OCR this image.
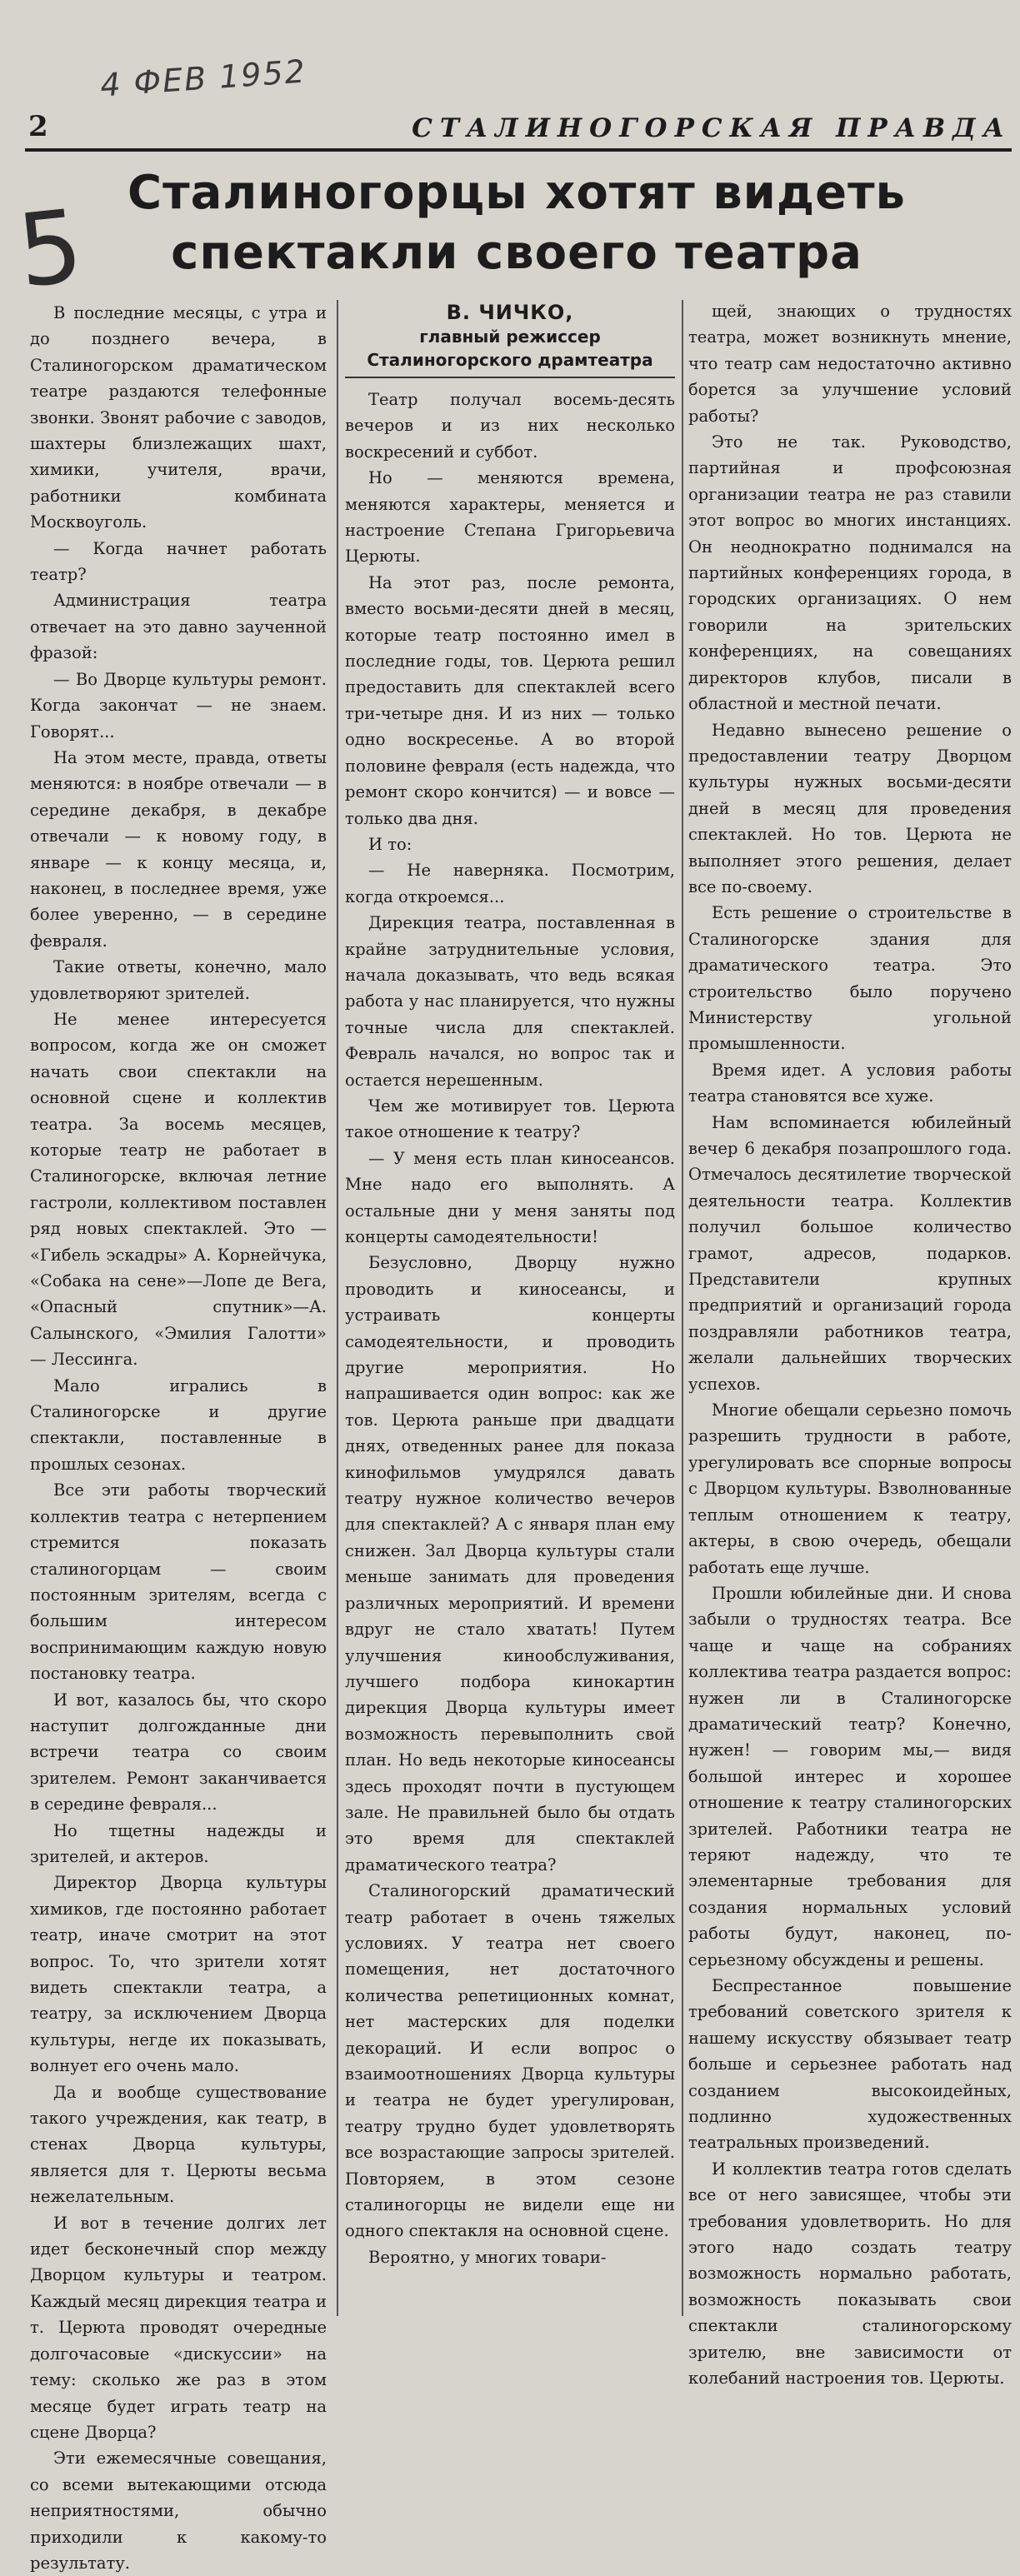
4 ФЕВ 1952
2	СТАЛИНОГОРСКАЯ ПРАВДА
5 Сталиногорцы хотят видеть
спектакли своего театра

В последние месяцы, с утра и до позднего вечера, в Сталиногорском драматическом театре раздаются телефонные звонки. Звонят рабочие с заводов, шахтеры близлежащих шахт, химики, учителя, врачи, работники комбината Москвоуголь.

— Когда начнет работать театр?

Администрация театра отвечает на это давно заученной фразой:

— Во Дворце культуры ремонт. Когда закончат — не знаем. Говорят...

На этом месте, правда, ответы меняются: в ноябре отвечали — в середине декабря, в декабре отвечали — к новому году, в январе — к концу месяца, и, наконец, в последнее время, уже более уверенно, — в середине февраля.

Такие ответы, конечно, мало удовлетворяют зрителей.

Не менее интересуется вопросом, когда же он сможет начать свои спектакли на основной сцене и коллектив театра. За восемь месяцев, которые театр не работает в Сталиногорске, включая летние гастроли, коллективом поставлен ряд новых спектаклей. Это — «Гибель эскадры» А. Корнейчука, «Собака на сене»—Лопе де Вега, «Опасный спутник»—А. Салынского, «Эмилия Галотти» — Лессинга.

Мало игрались в Сталиногорске и другие спектакли, поставленные в прошлых сезонах.

Все эти работы творческий коллектив театра с нетерпением стремится показать сталиногорцам — своим постоянным зрителям, всегда с большим интересом воспринимающим каждую новую постановку театра.

И вот, казалось бы, что скоро наступит долгожданные дни встречи театра со своим зрителем. Ремонт заканчивается в середине февраля...

Но тщетны надежды и зрителей, и актеров.

Директор Дворца культуры химиков, где постоянно работает театр, иначе смотрит на этот вопрос. То, что зрители хотят видеть спектакли театра, а театру, за исключением Дворца культуры, негде их показывать, волнует его очень мало.

Да и вообще существование такого учреждения, как театр, в стенах Дворца культуры, является для т. Церюты весьма нежелательным.

И вот в течение долгих лет идет бесконечный спор между Дворцом культуры и театром. Каждый месяц дирекция театра и т. Церюта проводят очередные долгочасовые «дискуссии» на тему: сколько же раз в этом месяце будет играть театр на сцене Дворца?

Эти ежемесячные совещания, со всеми вытекающими отсюда неприятностями, обычно приходили к какому-то результату.

В. ЧИЧКО,
главный режиссер
Сталиногорского драмтеатра

Театр получал восемь-десять вечеров и из них несколько воскресений и суббот.

Но — меняются времена, меняются характеры, меняется и настроение Степана Григорьевича Церюты.

На этот раз, после ремонта, вместо восьми-десяти дней в месяц, которые театр постоянно имел в последние годы, тов. Церюта решил предоставить для спектаклей всего три-четыре дня. И из них — только одно воскресенье. А во второй половине февраля (есть надежда, что ремонт скоро кончится) — и вовсе — только два дня.

И то:

— Не наверняка. Посмотрим, когда откроемся...

Дирекция театра, поставленная в крайне затруднительные условия, начала доказывать, что ведь всякая работа у нас планируется, что нужны точные числа для спектаклей. Февраль начался, но вопрос так и остается нерешенным.

Чем же мотивирует тов. Церюта такое отношение к театру?

— У меня есть план киносеансов. Мне надо его выполнять. А остальные дни у меня заняты под концерты самодеятельности!

Безусловно, Дворцу нужно проводить и киносеансы, и устраивать концерты самодеятельности, и проводить другие мероприятия. Но напрашивается один вопрос: как же тов. Церюта раньше при двадцати днях, отведенных ранее для показа кинофильмов умудрялся давать театру нужное количество вечеров для спектаклей? А с января план ему снижен. Зал Дворца культуры стали меньше занимать для проведения различных мероприятий. И времени вдруг не стало хватать! Путем улучшения кинообслуживания, лучшего подбора кинокартин дирекция Дворца культуры имеет возможность перевыполнить свой план. Но ведь некоторые киносеансы здесь проходят почти в пустующем зале. Не правильней было бы отдать это время для спектаклей драматического театра?

Сталиногорский драматический театр работает в очень тяжелых условиях. У театра нет своего помещения, нет достаточного количества репетиционных комнат, нет мастерских для поделки декораций. И если вопрос о взаимоотношениях Дворца культуры и театра не будет урегулирован, театру трудно будет удовлетворять все возрастающие запросы зрителей. Повторяем, в этом сезоне сталиногорцы не видели еще ни одного спектакля на основной сцене.

Вероятно, у многих товари-

щей, знающих о трудностях театра, может возникнуть мнение, что театр сам недостаточно активно борется за улучшение условий работы?

Это не так. Руководство, партийная и профсоюзная организации театра не раз ставили этот вопрос во многих инстанциях. Он неоднократно поднимался на партийных конференциях города, в городских организациях. О нем говорили на зрительских конференциях, на совещаниях директоров клубов, писали в областной и местной печати.

Недавно вынесено решение о предоставлении театру Дворцом культуры нужных восьми-десяти дней в месяц для проведения спектаклей. Но тов. Церюта не выполняет этого решения, делает все по-своему.

Есть решение о строительстве в Сталиногорске здания для драматического театра. Это строительство было поручено Министерству угольной промышленности.

Время идет. А условия работы театра становятся все хуже.

Нам вспоминается юбилейный вечер 6 декабря позапрошлого года. Отмечалось десятилетие творческой деятельности театра. Коллектив получил большое количество грамот, адресов, подарков. Представители крупных предприятий и организаций города поздравляли работников театра, желали дальнейших творческих успехов.

Многие обещали серьезно помочь разрешить трудности в работе, урегулировать все спорные вопросы с Дворцом культуры. Взволнованные теплым отношением к театру, актеры, в свою очередь, обещали работать еще лучше.

Прошли юбилейные дни. И снова забыли о трудностях театра. Все чаще и чаще на собраниях коллектива театра раздается вопрос: нужен ли в Сталиногорске драматический театр? Конечно, нужен! — говорим мы,— видя большой интерес и хорошее отношение к театру сталиногорских зрителей. Работники театра не теряют надежду, что те элементарные требования для создания нормальных условий работы будут, наконец, по-серьезному обсуждены и решены.

Беспрестанное повышение требований советского зрителя к нашему искусству обязывает театр больше и серьезнее работать над созданием высокоидейных, подлинно художественных театральных произведений.

И коллектив театра готов сделать все от него зависящее, чтобы эти требования удовлетворить. Но для этого надо создать театру возможность нормально работать, возможность показывать свои спектакли сталиногорскому зрителю, вне зависимости от колебаний настроения тов. Церюты.
